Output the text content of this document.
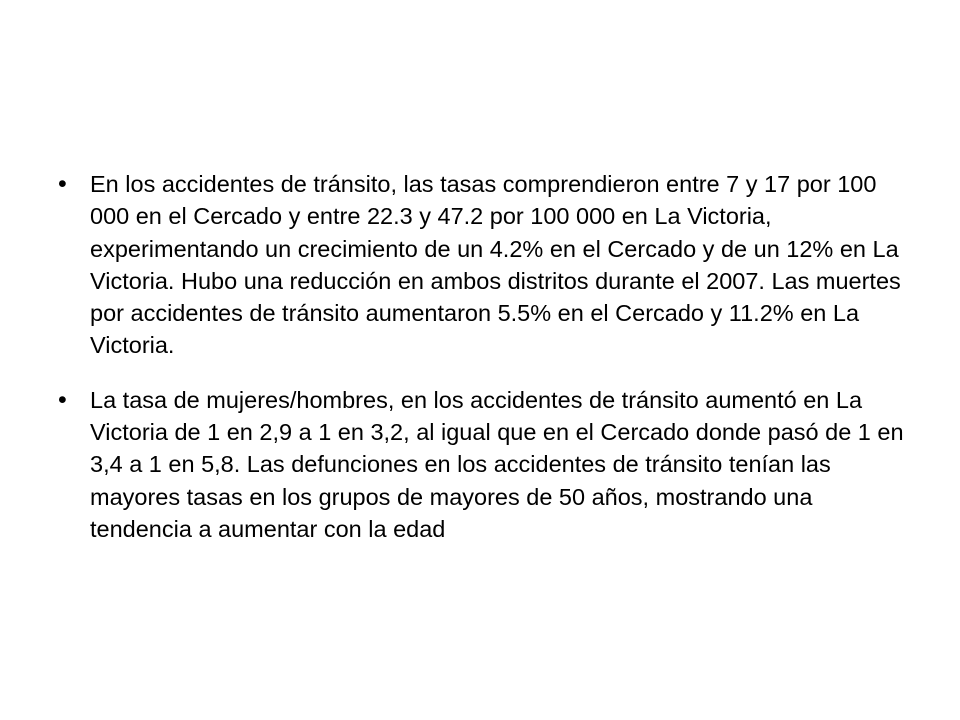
• En los accidentes de tránsito, las tasas comprendieron entre 7 y 17 por 100 000 en el Cercado y entre 22.3 y 47.2 por 100 000 en La Victoria, experimentando un crecimiento de un 4.2% en el Cercado y de un 12% en La Victoria. Hubo una reducción en ambos distritos durante el 2007. Las muertes por accidentes de tránsito aumentaron 5.5% en el Cercado y 11.2% en La Victoria.
• La tasa de mujeres/hombres, en los accidentes de tránsito aumentó en La Victoria de 1 en 2,9 a 1 en 3,2, al igual que en el Cercado donde pasó de 1 en 3,4 a 1 en 5,8. Las defunciones en los accidentes de tránsito tenían las mayores tasas en los grupos de mayores de 50 años, mostrando una tendencia a aumentar con la edad
